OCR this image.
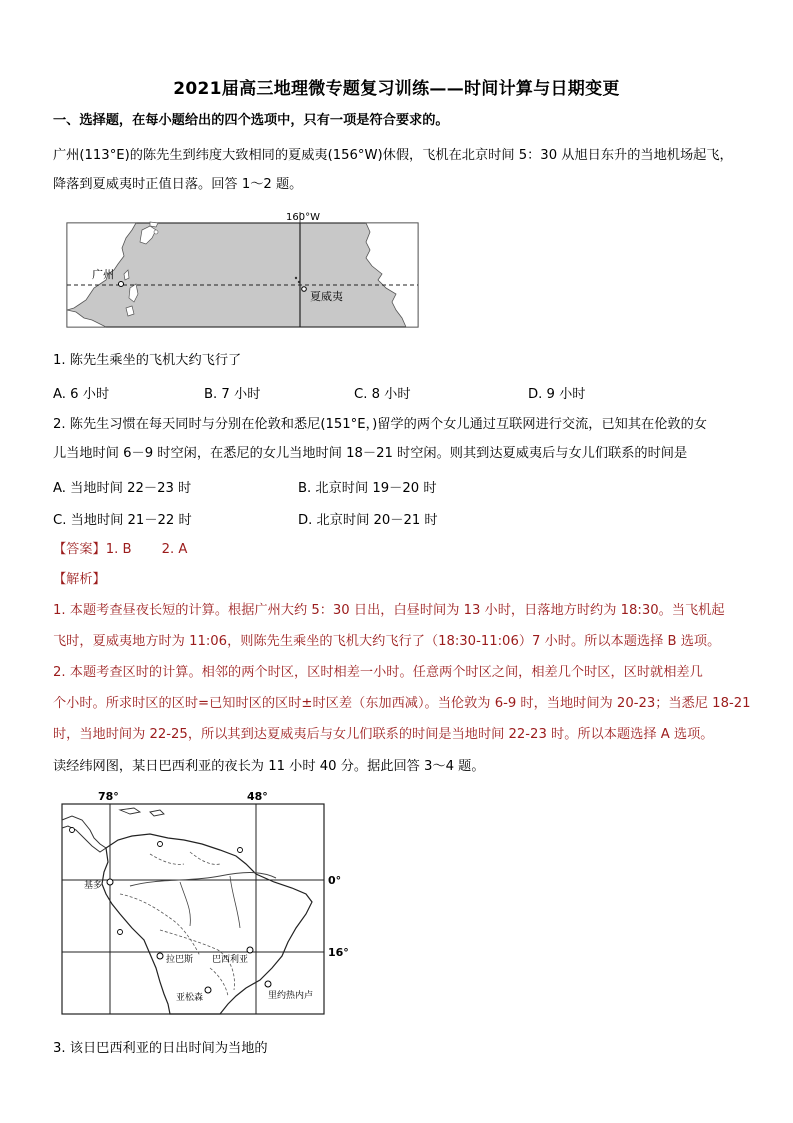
2021届高三地理微专题复习训练——时间计算与日期变更
一、选择题，在每小题给出的四个选项中，只有一项是符合要求的。
广州(113°E)的陈先生到纬度大致相同的夏威夷(156°W)休假，飞机在北京时间 5：30 从旭日东升的当地机场起飞，
降落到夏威夷时正值日落。回答 1～2 题。
160°W
广州
夏威夷
1. 陈先生乘坐的飞机大约飞行了
A. 6 小时	B. 7 小时	C. 8 小时	D. 9 小时
2. 陈先生习惯在每天同时与分别在伦敦和悉尼(151°E，)留学的两个女儿通过互联网进行交流，已知其在伦敦的女
儿当地时间 6－9 时空闲，在悉尼的女儿当地时间 18－21 时空闲。则其到达夏威夷后与女儿们联系的时间是
A. 当地时间 22－23 时	B. 北京时间 19－20 时
C. 当地时间 21－22 时	D. 北京时间 20－21 时
【答案】1. B 2. A
【解析】
1. 本题考查昼夜长短的计算。根据广州大约 5：30 日出，白昼时间为 13 小时，日落地方时约为 18:30。当飞机起
飞时，夏威夷地方时为 11:06，则陈先生乘坐的飞机大约飞行了（18:30-11:06）7 小时。所以本题选择 B 选项。
2. 本题考查区时的计算。相邻的两个时区，区时相差一小时。任意两个时区之间，相差几个时区，区时就相差几
个小时。所求时区的区时=已知时区的区时±时区差（东加西减）。当伦敦为 6-9 时，当地时间为 20-23；当悉尼 18-21
时，当地时间为 22-25，所以其到达夏威夷后与女儿们联系的时间是当地时间 22-23 时。所以本题选择 A 选项。
读经纬网图，某日巴西利亚的夜长为 11 小时 40 分。据此回答 3～4 题。
78°	48°
0°
16°
基多
拉巴斯 巴西利亚
亚松森	里约热内卢
3. 该日巴西利亚的日出时间为当地的
